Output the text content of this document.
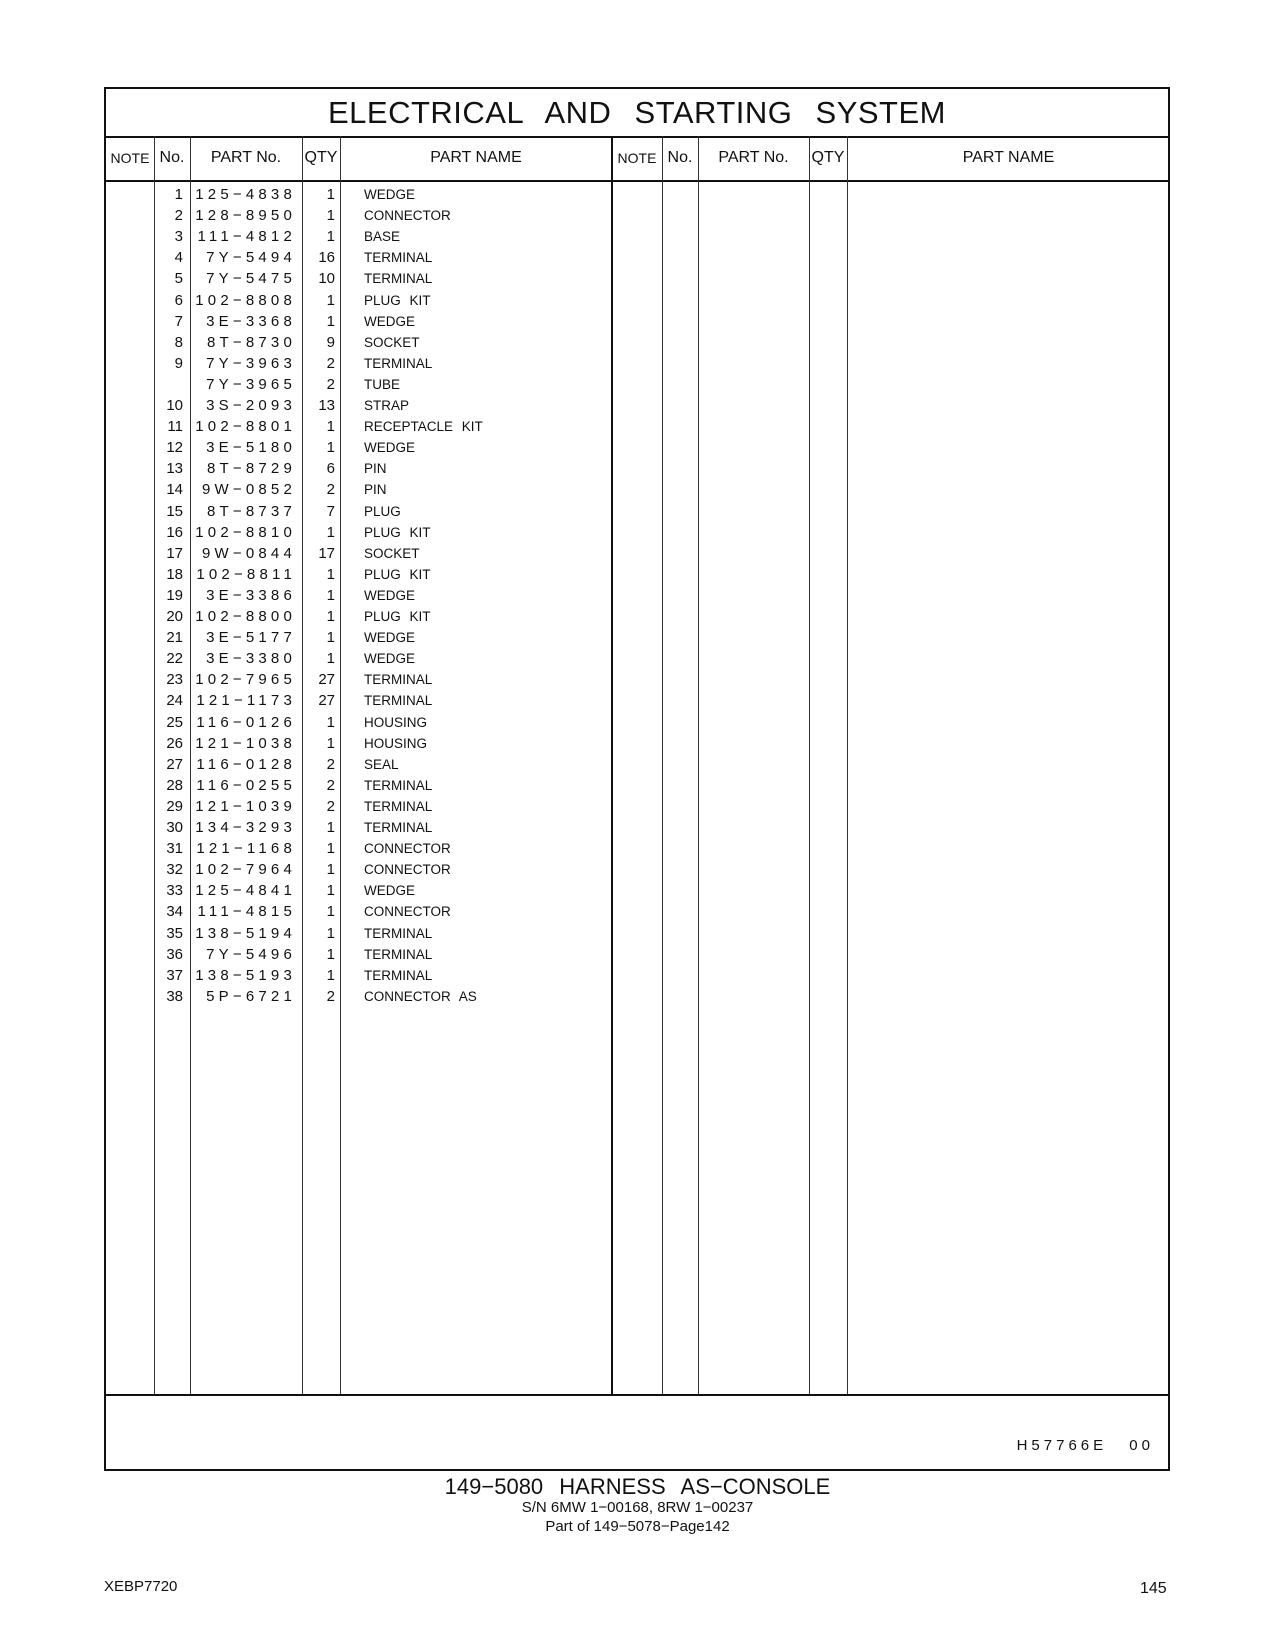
ELECTRICAL AND STARTING SYSTEM
NOTE No.	PART No.	QTY	PART NAME	NOTE No.	PART No.	QTY	PART NAME
1 125−4838	1 WEDGE
2 128−8950	1 CONNECTOR
3 111−4812	1 BASE
4	7Y−5494	16 TERMINAL
5	7Y−5475	10 TERMINAL
6 102−8808	1 PLUG KIT
7	3E−3368	1 WEDGE
8	8T−8730	9 SOCKET
9	7Y−3963	2 TERMINAL
7Y−3965	2 TUBE
10	3S−2093	13 STRAP
11 102−8801	1 RECEPTACLE KIT
12	3E−5180	1 WEDGE
13	8T−8729	6 PIN
14	9W−0852	2 PIN
15	8T−8737	7 PLUG
16 102−8810	1 PLUG KIT
17	9W−0844	17 SOCKET
18 102−8811	1 PLUG KIT
19	3E−3386	1 WEDGE
20 102−8800	1 PLUG KIT
21	3E−5177	1 WEDGE
22	3E−3380	1 WEDGE
23 102−7965	27 TERMINAL
24 121−1173	27 TERMINAL
25 116−0126	1 HOUSING
26 121−1038	1 HOUSING
27 116−0128	2 SEAL
28 116−0255	2 TERMINAL
29 121−1039	2 TERMINAL
30 134−3293	1 TERMINAL
31 121−1168	1 CONNECTOR
32 102−7964	1 CONNECTOR
33 125−4841	1 WEDGE
34 111−4815	1 CONNECTOR
35 138−5194	1 TERMINAL
36	7Y−5496	1 TERMINAL
37 138−5193	1 TERMINAL
38	5P−6721	2 CONNECTOR AS
H57766E 00
149−5080 HARNESS AS−CONSOLE
S/N 6MW 1−00168, 8RW 1−00237
Part of 149−5078−Page142
XEBP7720	145
